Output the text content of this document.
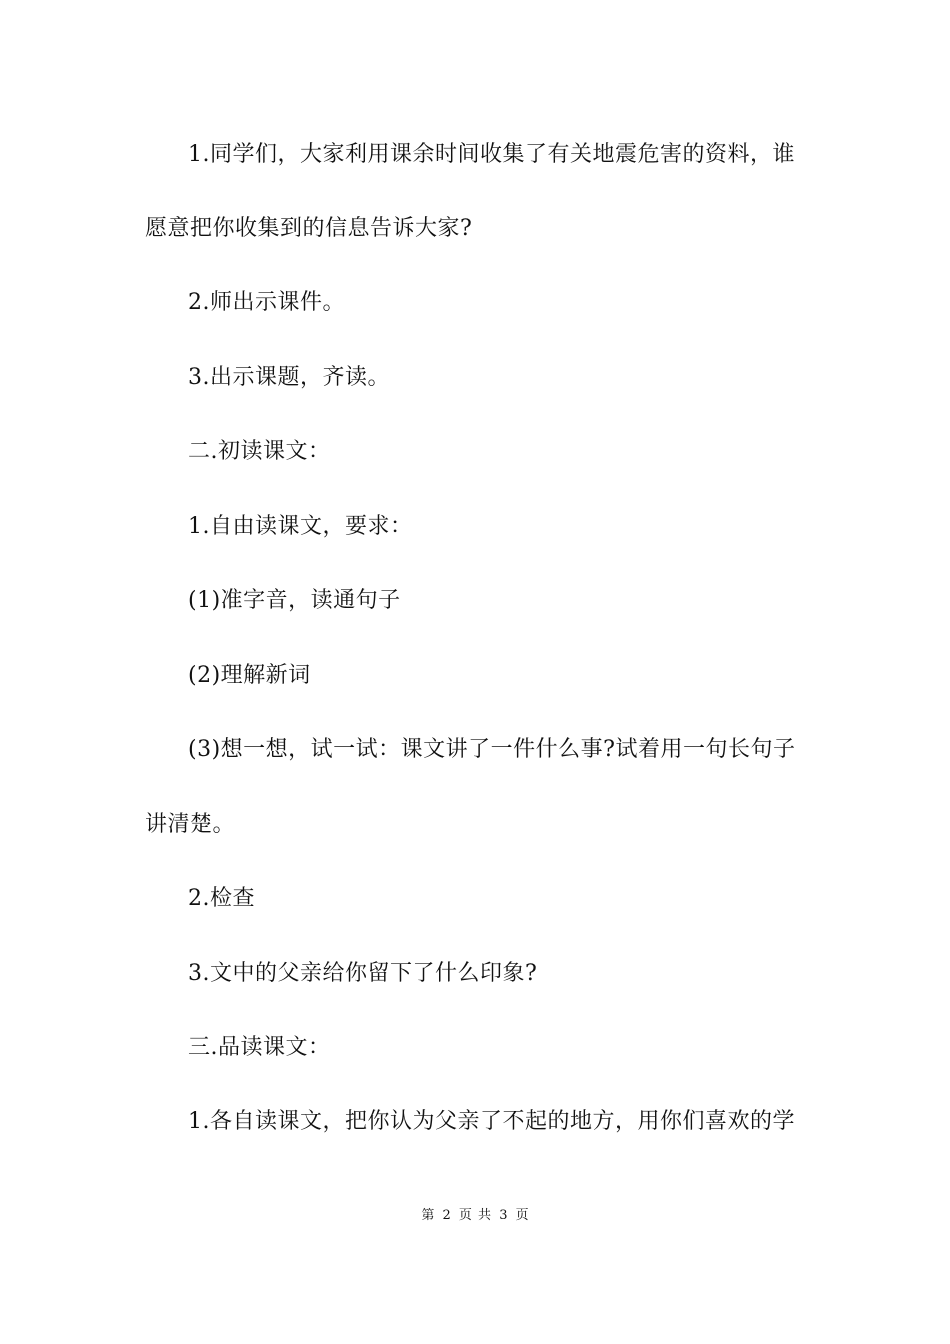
1.同学们，大家利用课余时间收集了有关地震危害的资料，谁
愿意把你收集到的信息告诉大家?
2.师出示课件。
3.出示课题，齐读。
二.初读课文：
1.自由读课文，要求：
(1)准字音，读通句子
(2)理解新词
(3)想一想，试一试：课文讲了一件什么事?试着用一句长句子
讲清楚。
2.检查
3.文中的父亲给你留下了什么印象?
三.品读课文：
1.各自读课文，把你认为父亲了不起的地方，用你们喜欢的学
第 2 页 共 3 页
